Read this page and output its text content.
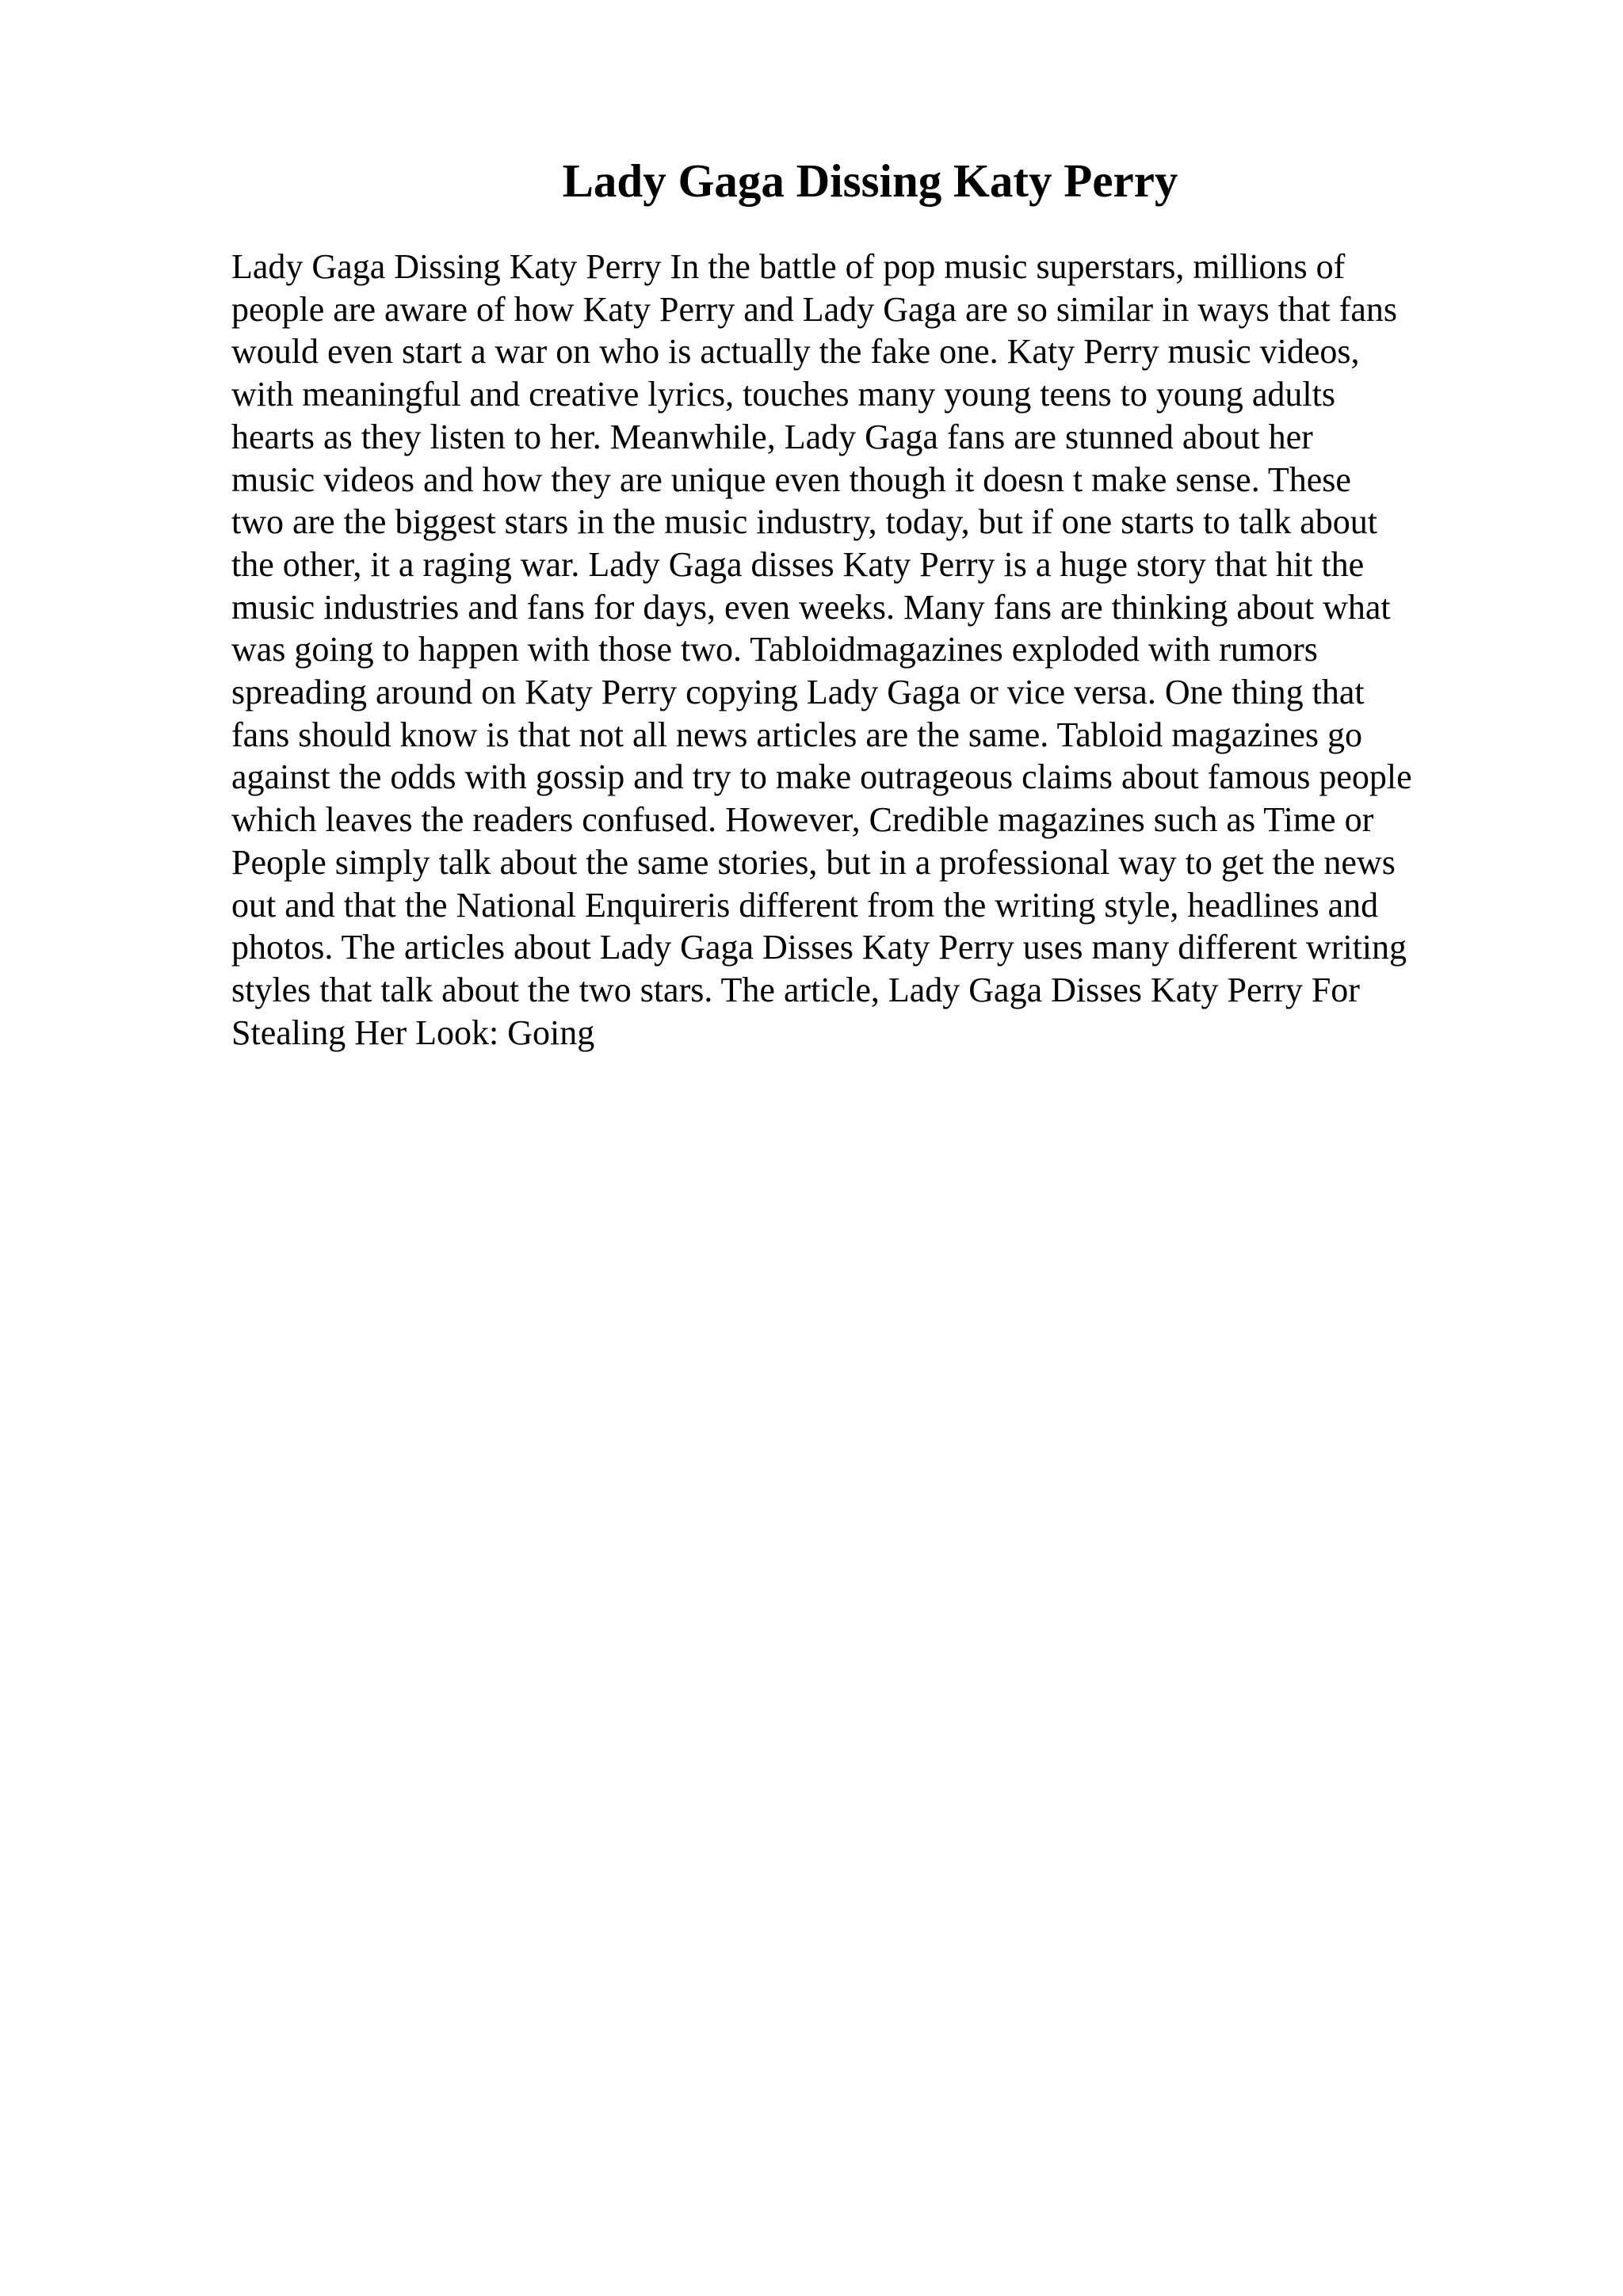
Lady Gaga Dissing Katy Perry
Lady Gaga Dissing Katy Perry In the battle of pop music superstars, millions of
people are aware of how Katy Perry and Lady Gaga are so similar in ways that fans
would even start a war on who is actually the fake one. Katy Perry music videos,
with meaningful and creative lyrics, touches many young teens to young adults
hearts as they listen to her. Meanwhile, Lady Gaga fans are stunned about her
music videos and how they are unique even though it doesn t make sense. These
two are the biggest stars in the music industry, today, but if one starts to talk about
the other, it a raging war. Lady Gaga disses Katy Perry is a huge story that hit the
music industries and fans for days, even weeks. Many fans are thinking about what
was going to happen with those two. Tabloidmagazines exploded with rumors
spreading around on Katy Perry copying Lady Gaga or vice versa. One thing that
fans should know is that not all news articles are the same. Tabloid magazines go
against the odds with gossip and try to make outrageous claims about famous people
which leaves the readers confused. However, Credible magazines such as Time or
People simply talk about the same stories, but in a professional way to get the news
out and that the National Enquireris different from the writing style, headlines and
photos. The articles about Lady Gaga Disses Katy Perry uses many different writing
styles that talk about the two stars. The article, Lady Gaga Disses Katy Perry For
Stealing Her Look: Going
